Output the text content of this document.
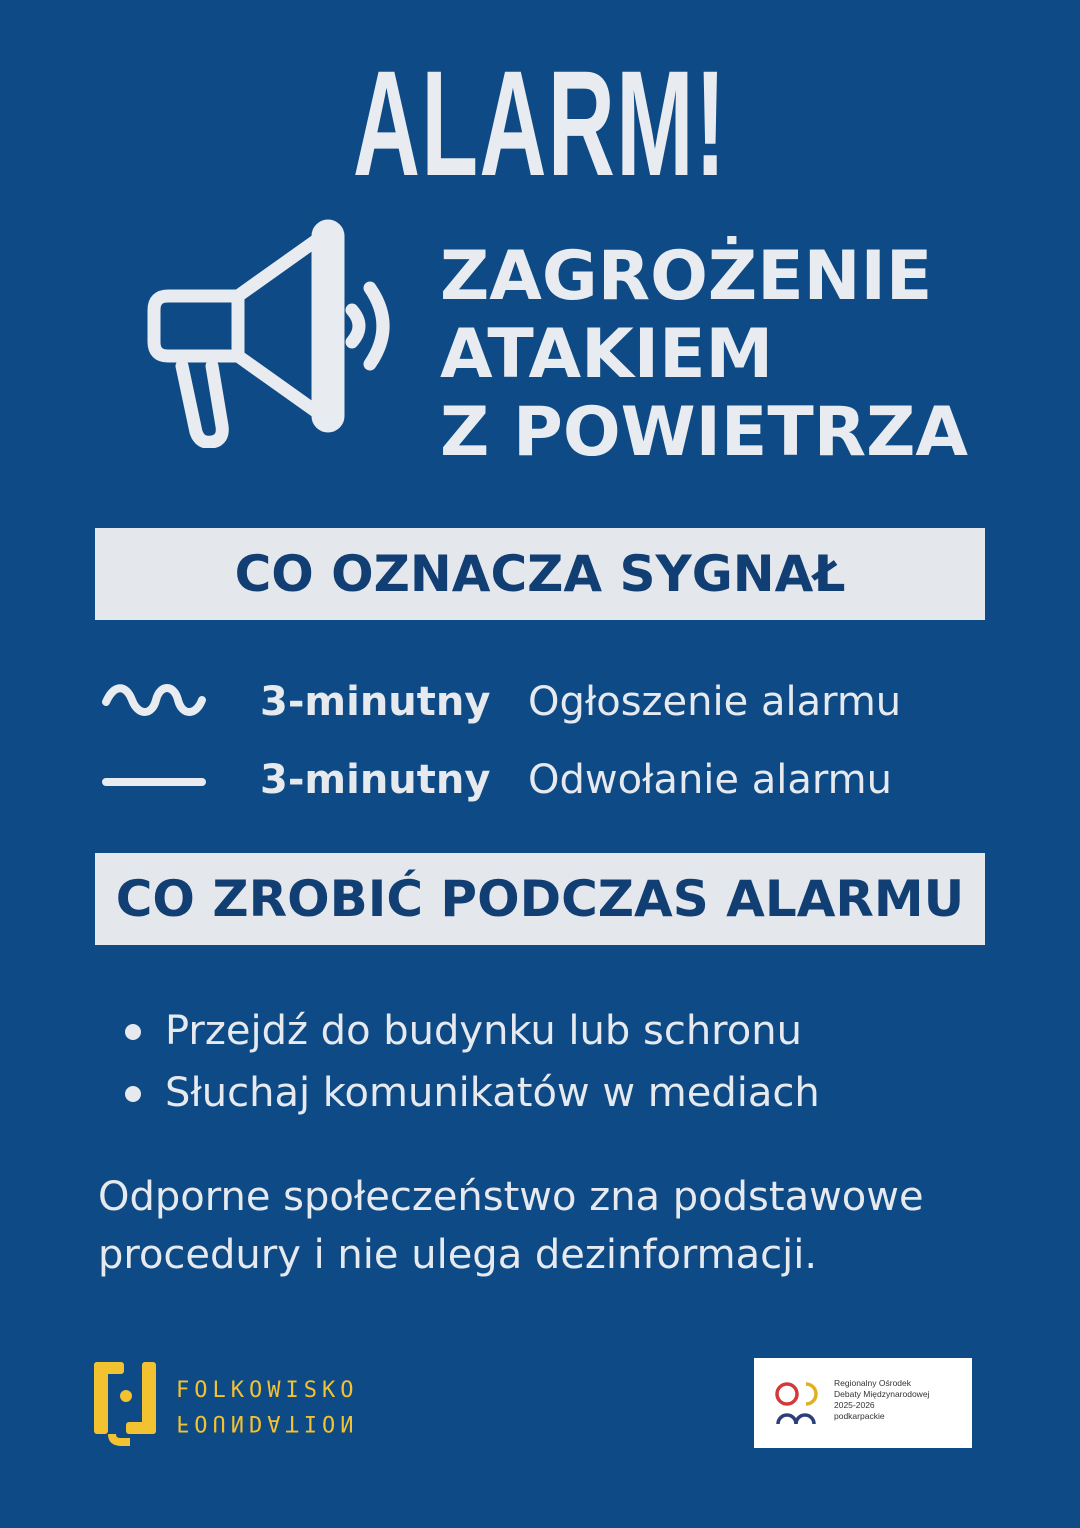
ALARM!
ZAGROŻENIE
ATAKIEM
Z POWIETRZA
CO OZNACZA SYGNAŁ
3-minutny Ogłoszenie alarmu
3-minutny Odwołanie alarmu
CO ZROBIĆ PODCZAS ALARMU
Przejdź do budynku lub schronu
Słuchaj komunikatów w mediach
Odporne społeczeństwo zna podstawowe
procedury i nie ulega dezinformacji.
FOLKOWISKO
FOUNDATION
Regionalny Ośrodek
Debaty Międzynarodowej
2025-2026
podkarpackie
